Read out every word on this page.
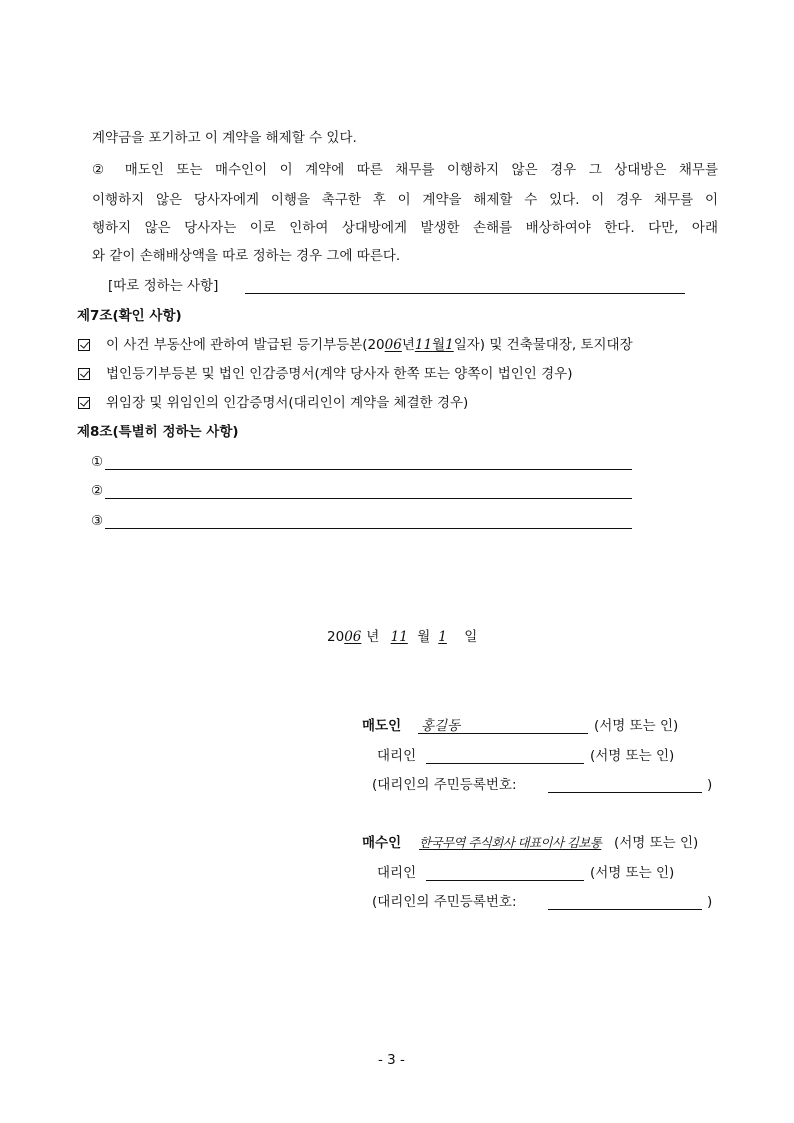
계약금을 포기하고 이 계약을 해제할 수 있다.
② 매도인 또는 매수인이 이 계약에 따른 채무를 이행하지 않은 경우 그 상대방은 채무를
이행하지 않은 당사자에게 이행을 촉구한 후 이 계약을 해제할 수 있다. 이 경우 채무를 이
행하지 않은 당사자는 이로 인하여 상대방에게 발생한 손해를 배상하여야 한다. 다만, 아래
와 같이 손해배상액을 따로 정하는 경우 그에 따른다.
[따로 정하는 사항]
제7조(확인 사항)
이 사건 부동산에 관하여 발급된 등기부등본(2006년11월1일자) 및 건축물대장, 토지대장
법인등기부등본 및 법인 인감증명서(계약 당사자 한쪽 또는 양쪽이 법인인 경우)
위임장 및 위임인의 인감증명서(대리인이 계약을 체결한 경우)
제8조(특별히 정하는 사항)
①
②
③
2006 년 11 월 1 일
매도인 홍길동	(서명 또는 인)
대리인	(서명 또는 인)
(대리인의 주민등록번호:	)
매수인 한국무역 주식회사 대표이사 김보통 (서명 또는 인)
대리인	(서명 또는 인)
(대리인의 주민등록번호:	)
- 3 -
